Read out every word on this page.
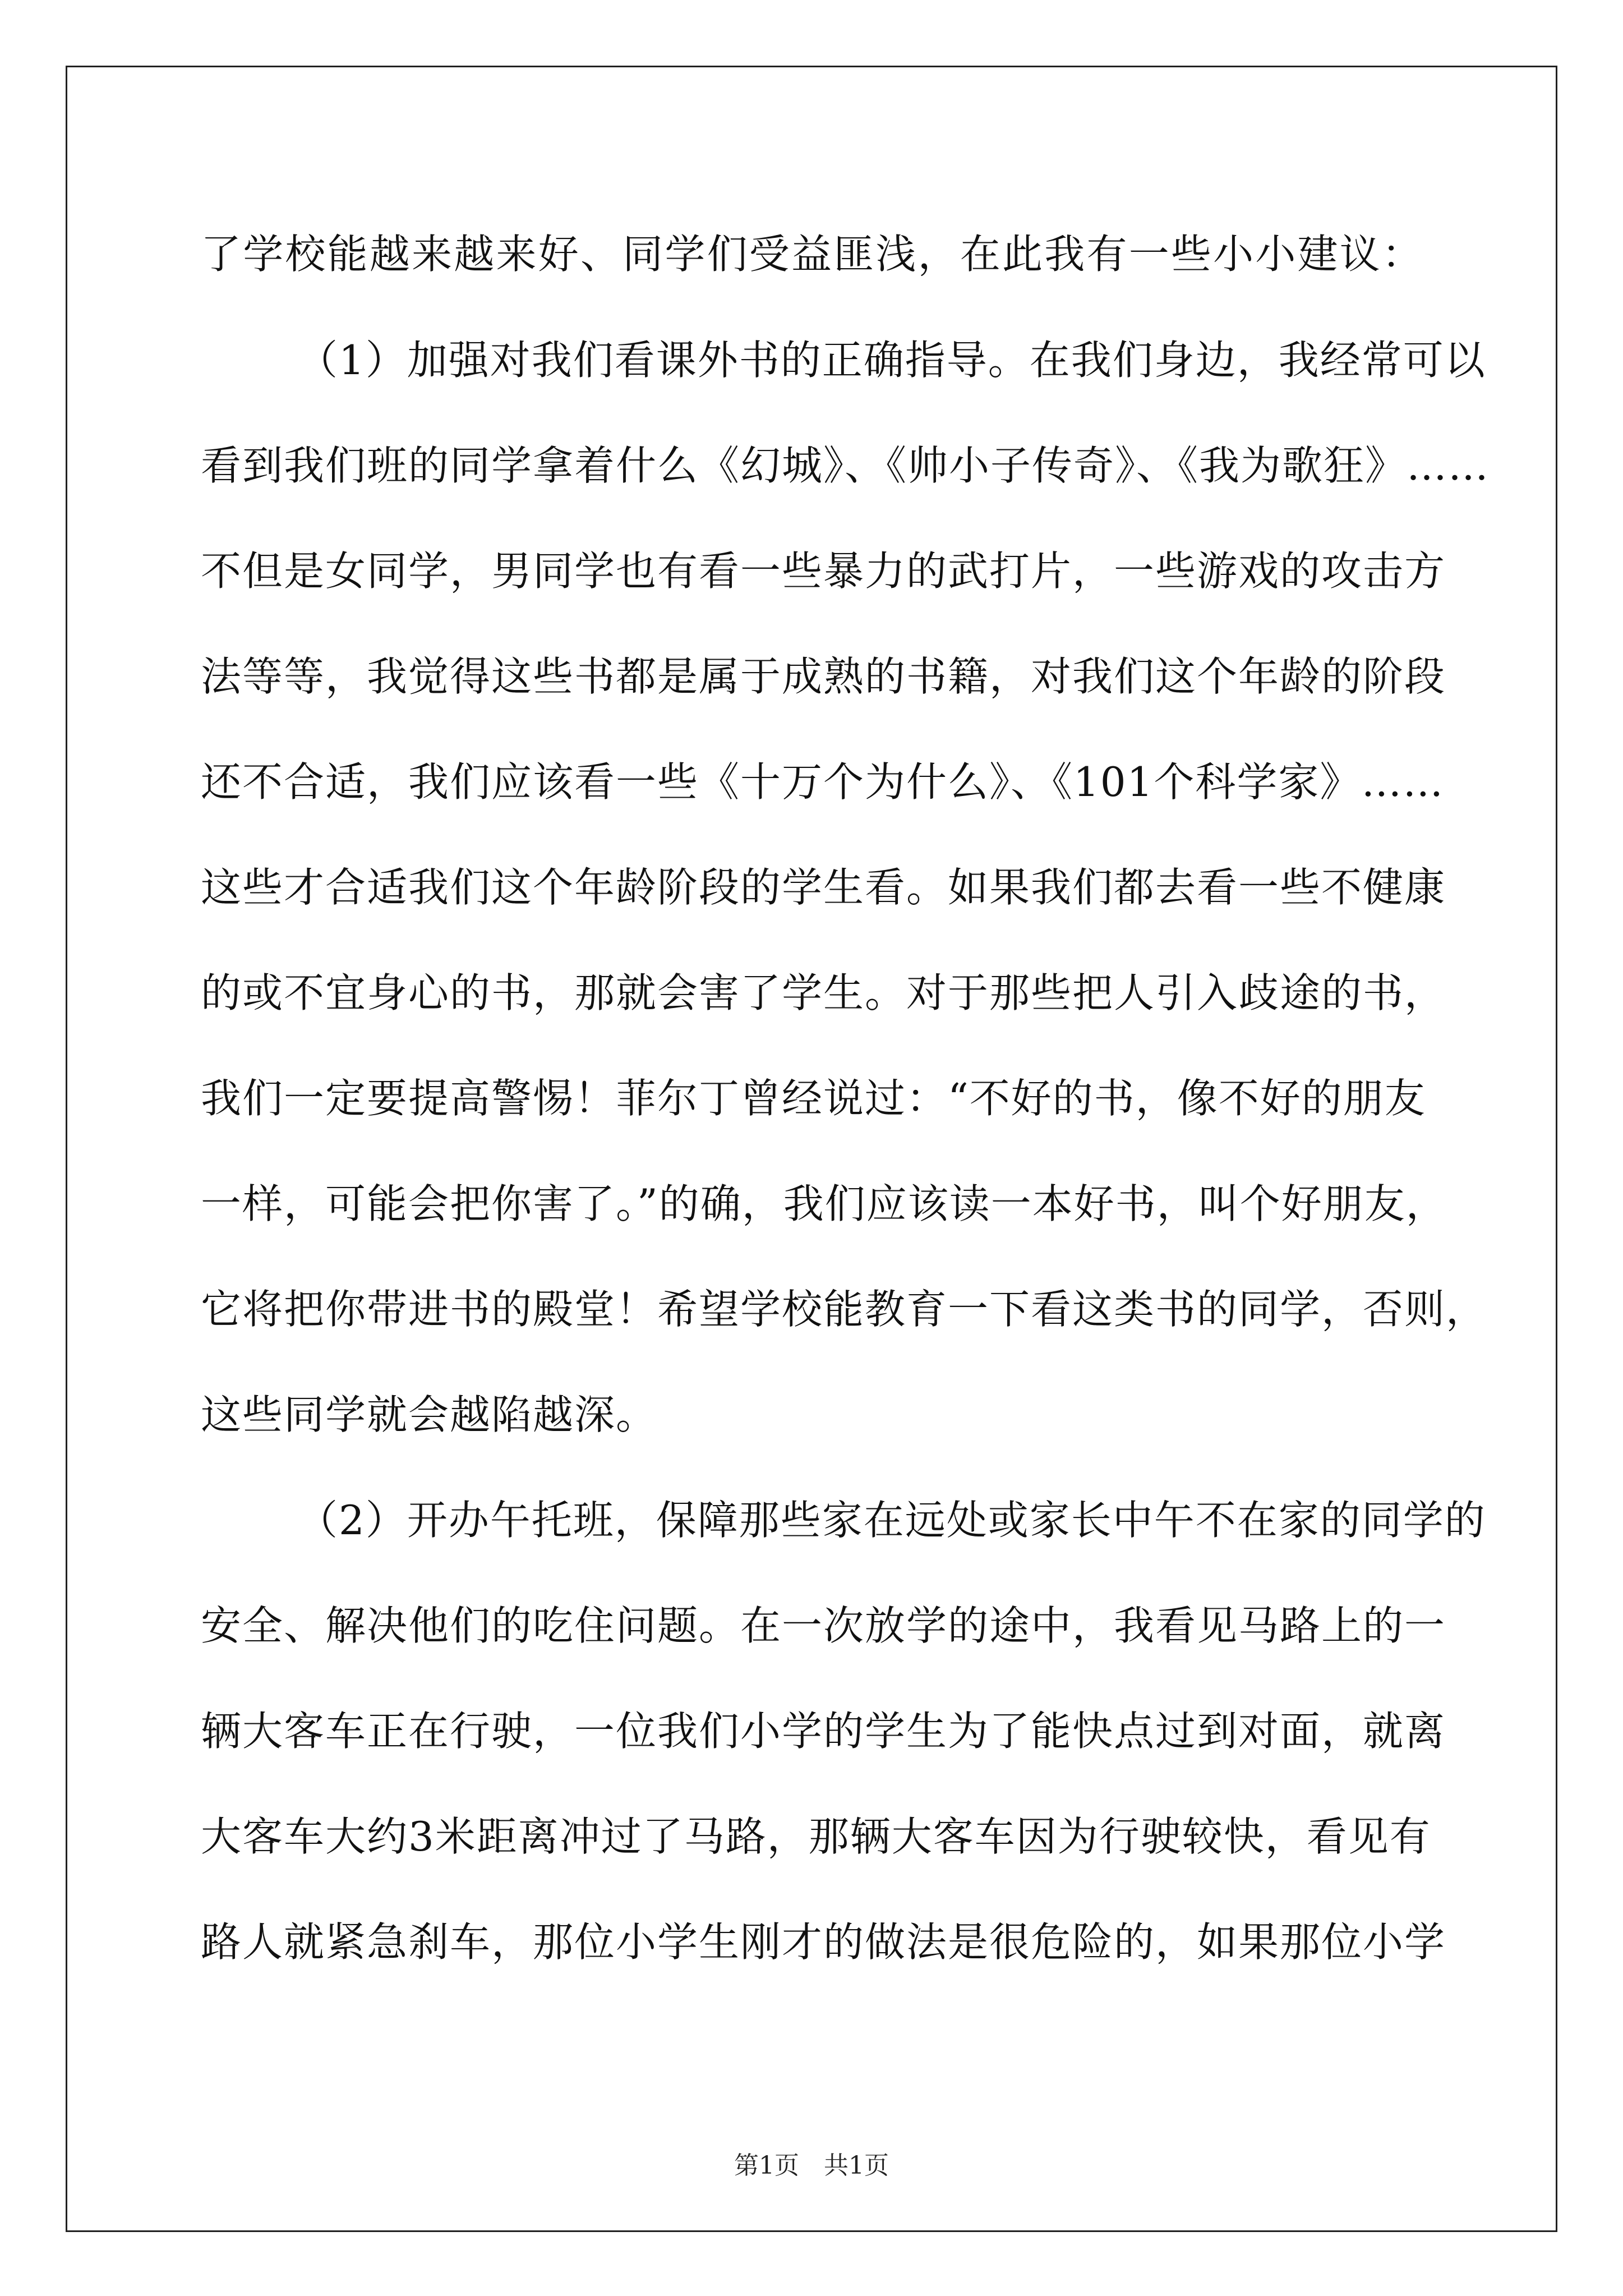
了学校能越来越来好、同学们受益匪浅，在此我有一些小小建议：
（1）加强对我们看课外书的正确指导。在我们身边，我经常可以
看到我们班的同学拿着什么《幻城》、《帅小子传奇》、《我为歌狂》……
不但是女同学，男同学也有看一些暴力的武打片，一些游戏的攻击方
法等等，我觉得这些书都是属于成熟的书籍，对我们这个年龄的阶段
还不合适，我们应该看一些《十万个为什么》、《101个科学家》……
这些才合适我们这个年龄阶段的学生看。如果我们都去看一些不健康
的或不宜身心的书，那就会害了学生。对于那些把人引入歧途的书，
我们一定要提高警惕！菲尔丁曾经说过：“不好的书，像不好的朋友
一样，可能会把你害了。”的确，我们应该读一本好书，叫个好朋友，
它将把你带进书的殿堂！希望学校能教育一下看这类书的同学，否则，
这些同学就会越陷越深。
（2）开办午托班，保障那些家在远处或家长中午不在家的同学的
安全、解决他们的吃住问题。在一次放学的途中，我看见马路上的一
辆大客车正在行驶，一位我们小学的学生为了能快点过到对面，就离
大客车大约3米距离冲过了马路，那辆大客车因为行驶较快，看见有
路人就紧急刹车，那位小学生刚才的做法是很危险的，如果那位小学
第1页　共1页
